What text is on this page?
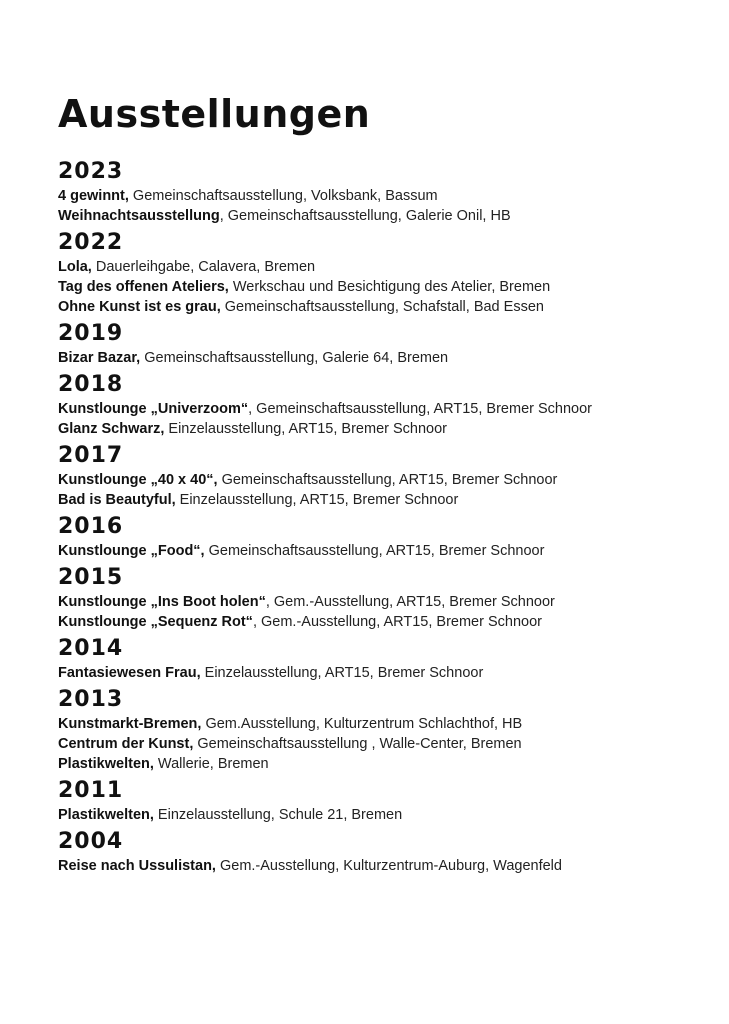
Ausstellungen
2023
4 gewinnt, Gemeinschaftsausstellung, Volksbank, Bassum
Weihnachtsausstellung, Gemeinschaftsausstellung, Galerie Onil, HB
2022
Lola, Dauerleihgabe, Calavera, Bremen
Tag des offenen Ateliers, Werkschau und Besichtigung des Atelier, Bremen
Ohne Kunst ist es grau, Gemeinschaftsausstellung, Schafstall, Bad Essen
2019
Bizar Bazar, Gemeinschaftsausstellung, Galerie 64, Bremen
2018
Kunstlounge „Univerzoom“, Gemeinschaftsausstellung, ART15, Bremer Schnoor
Glanz Schwarz, Einzelausstellung, ART15, Bremer Schnoor
2017
Kunstlounge „40 x 40“, Gemeinschaftsausstellung, ART15, Bremer Schnoor
Bad is Beautyful, Einzelausstellung, ART15, Bremer Schnoor
2016
Kunstlounge „Food“, Gemeinschaftsausstellung, ART15, Bremer Schnoor
2015
Kunstlounge „Ins Boot holen“, Gem.-Ausstellung, ART15, Bremer Schnoor
Kunstlounge „Sequenz Rot“, Gem.-Ausstellung, ART15, Bremer Schnoor
2014
Fantasiewesen Frau, Einzelausstellung, ART15, Bremer Schnoor
2013
Kunstmarkt-Bremen, Gem.Ausstellung, Kulturzentrum Schlachthof, HB
Centrum der Kunst, Gemeinschaftsausstellung , Walle-Center, Bremen
Plastikwelten, Wallerie, Bremen
2011
Plastikwelten, Einzelausstellung, Schule 21, Bremen
2004
Reise nach Ussulistan, Gem.-Ausstellung, Kulturzentrum-Auburg, Wagenfeld
